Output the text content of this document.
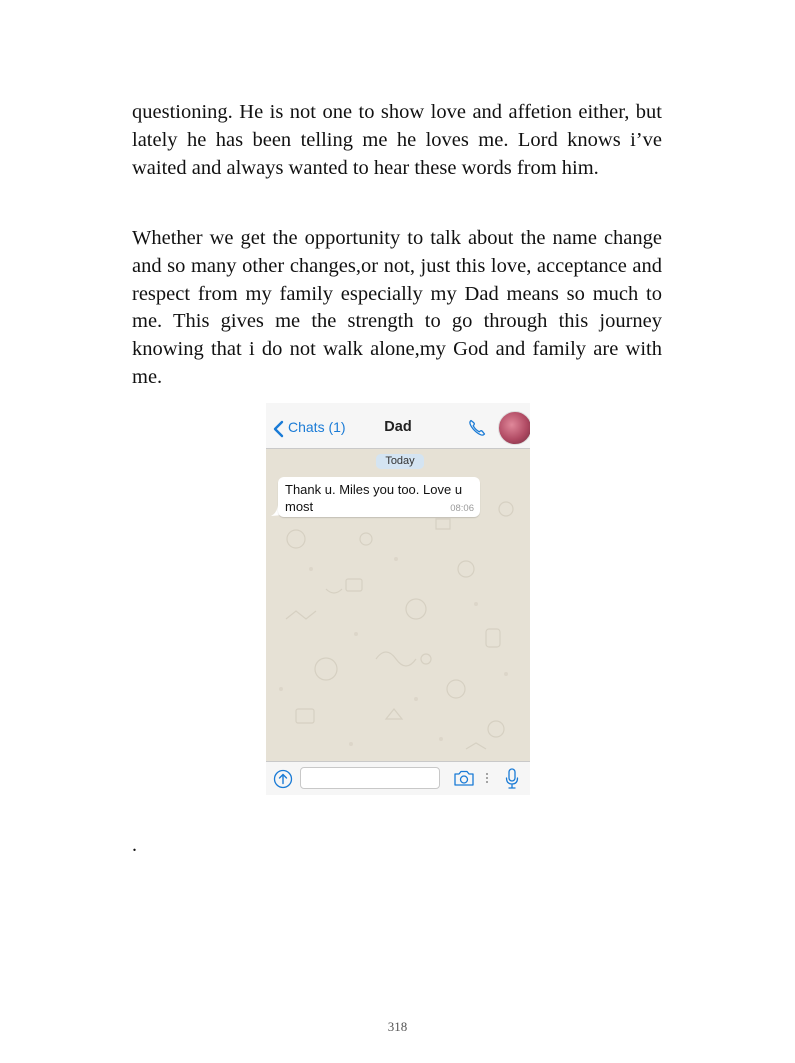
questioning. He is not one to show love and affetion either, but lately he has been telling me he loves me. Lord knows i’ve waited and always wanted to hear these words from him.

Whether we get the opportunity to talk about the name change and so many other changes,or not, just this love, acceptance and respect from my family especially my Dad means so much to me. This gives me the strength to go through this journey knowing that i do not walk alone,my God and family are with me.

Chats (1)	Dad
Today
Thank u. Miles you too. Love u most	08:06
.
318
